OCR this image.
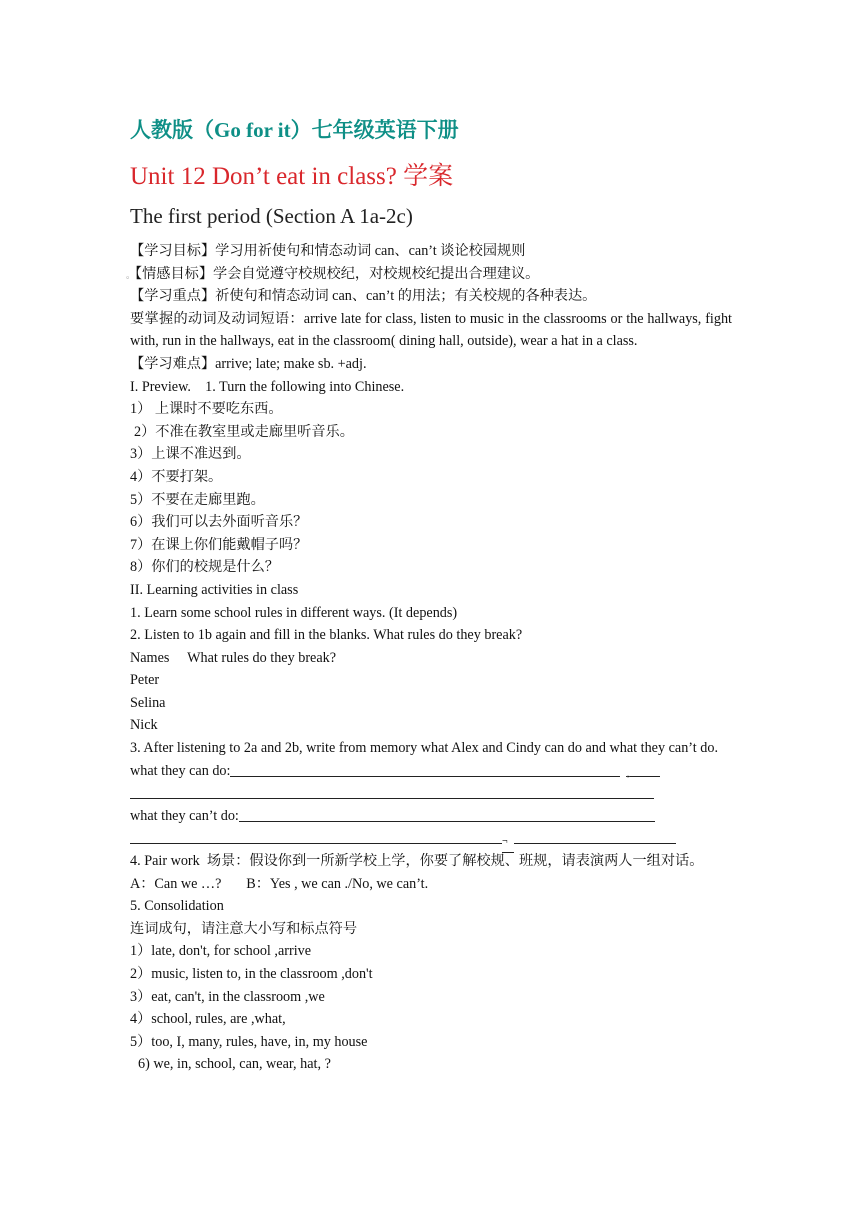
人教版（Go for it）七年级英语下册
Unit 12 Don’t eat in class? 学案
The first period (Section A 1a-2c)
【学习目标】学习用祈使句和情态动词 can、can’t 谈论校园规则
。【情感目标】学会自觉遵守校规校纪，对校规校纪提出合理建议。
【学习重点】祈使句和情态动词 can、can’t 的用法；有关校规的各种表达。
要掌握的动词及动词短语：arrive late for class, listen to music in the classrooms or the hallways, fight with, run in the hallways, eat in the classroom( dining hall, outside), wear a hat in a class.
【学习难点】arrive; late; make sb. +adj.
I. Preview. 1. Turn the following into Chinese.
1） 上课时不要吃东西。
2）不准在教室里或走廊里听音乐。
3）上课不准迟到。
4）不要打架。
5）不要在走廊里跑。
6）我们可以去外面听音乐？
7）在课上你们能戴帽子吗？
8）你们的校规是什么？
II. Learning activities in class
1. Learn some school rules in different ways. (It depends)
2. Listen to 1b again and fill in the blanks. What rules do they break?
Names What rules do they break?
Peter
Selina
Nick
3. After listening to 2a and 2b, write from memory what Alex and Cindy can do and what they can’t do.
what they can do:	。
what they can’t do:
¬
4. Pair work 场景：假设你到一所新学校上学，你要了解校规、班规，请表演两人一组对话。
A：Can we …? B：Yes , we can ./No, we can’t.
5. Consolidation
连词成句，请注意大小写和标点符号
1）late, don't, for school ,arrive
2）music, listen to, in the classroom ,don't
3）eat, can't, in the classroom ,we
4）school, rules, are ,what,
5）too, I, many, rules, have, in, my house
6) we, in, school, can, wear, hat, ?
